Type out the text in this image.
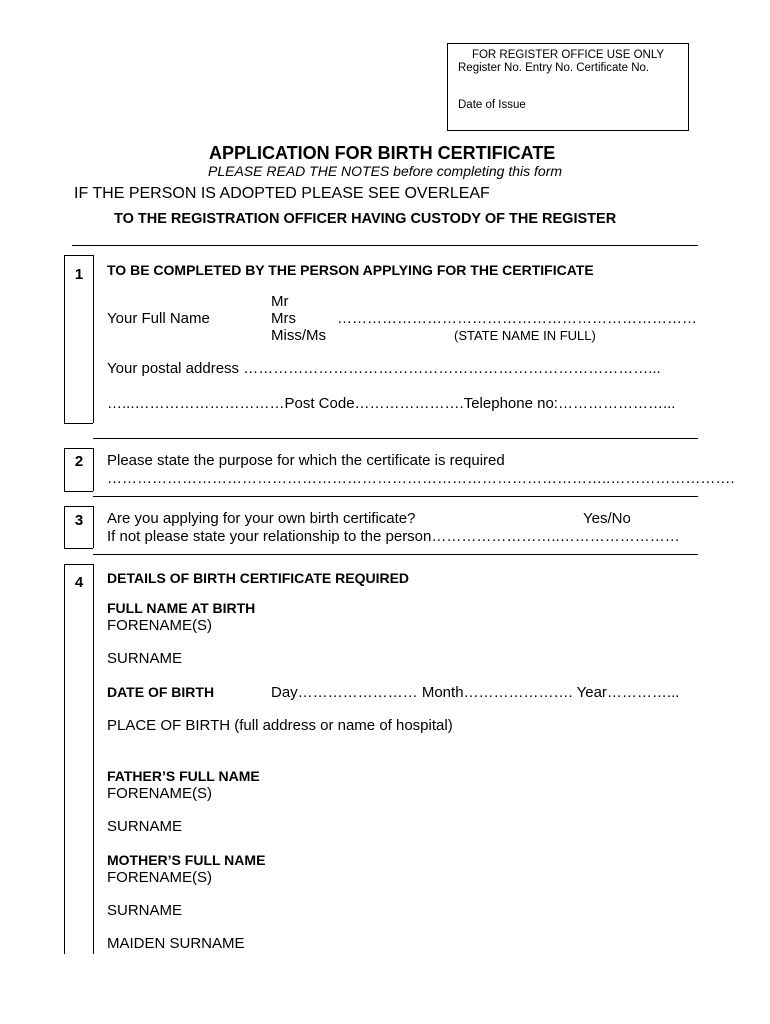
FOR REGISTER OFFICE USE ONLY
Register No. Entry No. Certificate No.
Date of Issue
APPLICATION FOR BIRTH CERTIFICATE
PLEASE READ THE NOTES before completing this form
IF THE PERSON IS ADOPTED PLEASE SEE OVERLEAF
TO THE REGISTRATION OFFICER HAVING CUSTODY OF THE REGISTER
1	TO BE COMPLETED BY THE PERSON APPLYING FOR THE CERTIFICATE
Your Full Name
Mr
Mrs
Miss/Ms
………………………………………………………………
(STATE NAME IN FULL)
Your postal address ………………………………………………………………………...
…...…………………………Post Code………………….Telephone no:…………………...
2	Please state the purpose for which the certificate is required
………………………………………………………………………………………..…………………….
3	Are you applying for your own birth certificate?	Yes/No
If not please state your relationship to the person……………………..……………………
4	DETAILS OF BIRTH CERTIFICATE REQUIRED
FULL NAME AT BIRTH
FORENAME(S)
SURNAME
DATE OF BIRTH	Day…………………… Month…………………. Year…………...
PLACE OF BIRTH (full address or name of hospital)
FATHER’S FULL NAME
FORENAME(S)
SURNAME
MOTHER’S FULL NAME
FORENAME(S)
SURNAME
MAIDEN SURNAME
